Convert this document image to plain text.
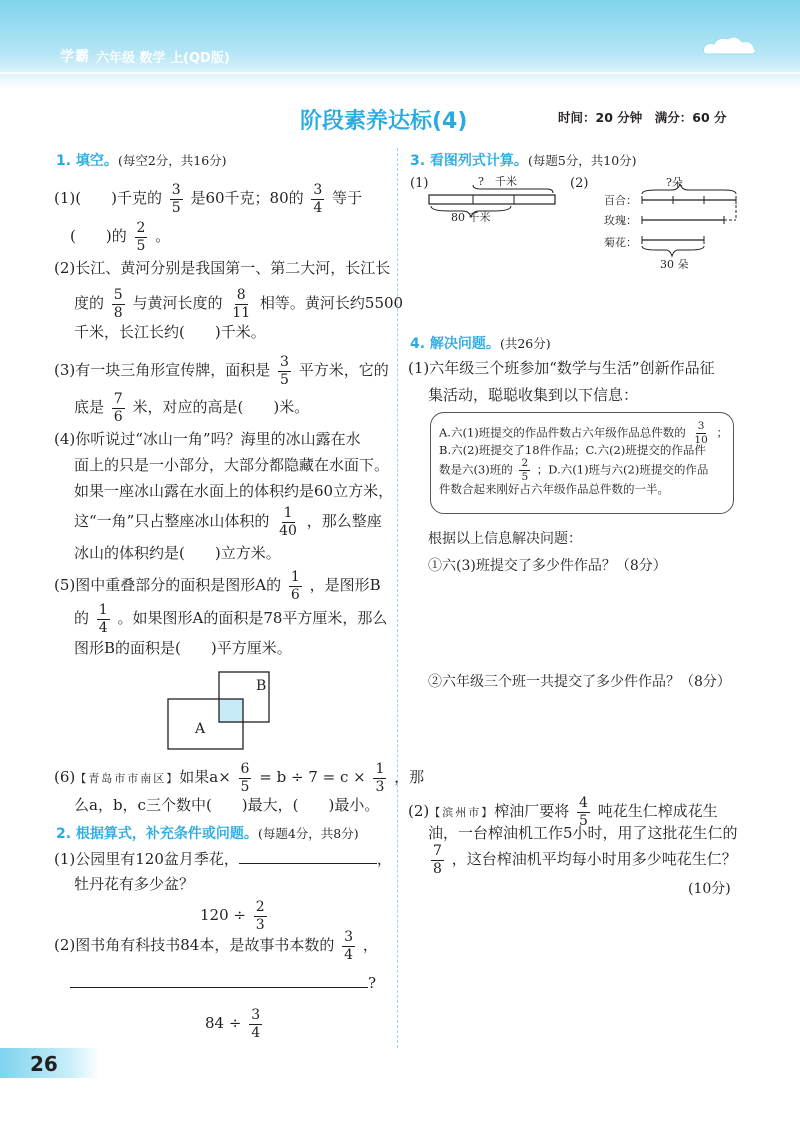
学霸 六年级 数学 上(QD版)
阶段素养达标(4)	时间：20 分钟　满分：60 分
1. 填空。(每空2分，共16分)
(1)(　　)千克的 $\frac{3}{5}$ 是60千克；80的 $\frac{3}{4}$ 等于
(　　)的 $\frac{2}{5}$ 。
(2)长江、黄河分别是我国第一、第二大河，长江长
度的 $\frac{5}{8}$ 与黄河长度的 $\frac{8}{11}$ 相等。黄河长约5500
千米，长江长约(　　)千米。
(3)有一块三角形宣传牌，面积是 $\frac{3}{5}$ 平方米，它的
底是 $\frac{7}{6}$ 米，对应的高是(　　)米。
(4)你听说过“冰山一角”吗？海里的冰山露在水
面上的只是一小部分，大部分都隐藏在水面下。
如果一座冰山露在水面上的体积约是60立方米，
这“一角”只占整座冰山体积的 $\frac{1}{40}$ ，那么整座
冰山的体积约是(　　)立方米。
(5)图中重叠部分的面积是图形A的 $\frac{1}{6}$ ，是图形B
的 $\frac{1}{4}$ 。如果图形A的面积是78平方厘米，那么
图形B的面积是(　　)平方厘米。
A
B
(6)【青岛市市南区】如果$a\times \frac{6}{5} = b \div 7 = c \times \frac{1}{3}$ ，那
么a，b，c三个数中(　　)最大，(　　)最小。
2. 根据算式，补充条件或问题。(每题4分，共8分)
(1)公园里有120盆月季花，	，
牡丹花有多少盆？
$120 \div \frac{2}{3}$
(2)图书角有科技书84本，是故事书本数的 $\frac{3}{4}$ ，
?
$84 \div \frac{3}{4}$
26
3. 看图列式计算。(每题5分，共10分)
(1)	?　千米
80 千米
(2)
百合：
玫瑰：
菊花：
?朵
30 朵
4. 解决问题。(共26分)
(1)六年级三个班参加“数学与生活”创新作品征
集活动，聪聪收集到以下信息：
A.六(1)班提交的作品件数占六年级作品总件数的 $\frac{3}{10}$ ；
B.六(2)班提交了18件作品；C.六(2)班提交的作品件
数是六(3)班的 $\frac{2}{5}$ ；D.六(1)班与六(2)班提交的作品
件数合起来刚好占六年级作品总件数的一半。
根据以上信息解决问题：
①六(3)班提交了多少件作品？（8分）
②六年级三个班一共提交了多少件作品？（8分）
(2)【滨州市】榨油厂要将 $\frac{4}{5}$ 吨花生仁榨成花生
油，一台榨油机工作5小时，用了这批花生仁的
$\frac{7}{8}$ ，这台榨油机平均每小时用多少吨花生仁？
(10分)
